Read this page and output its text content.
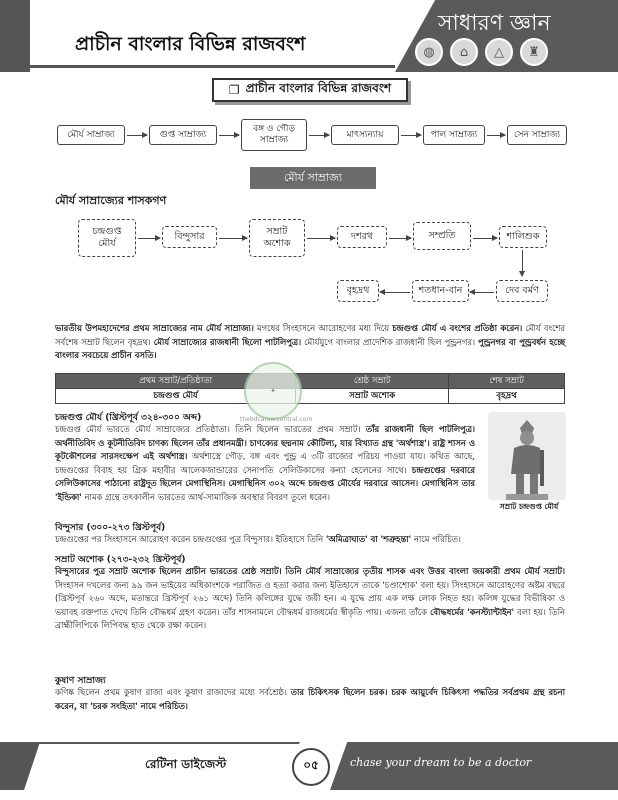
প্রাচীন বাংলার বিভিন্ন রাজবংশ
সাধারণ জ্ঞান
◍	⌂	△	♜
❐ প্রাচীন বাংলার বিভিন্ন রাজবংশ
মৌর্য সাম্রাজ্য	গুপ্ত সাম্রাজ্য
বঙ্গ ও গৌড় সাম্রাজ্য
মাৎস্যন্যায়	পাল সাম্রাজ্য	সেন সাম্রাজ্য
মৌর্য সাম্রাজ্য
মৌর্য সাম্রাজ্যের শাসকগণ
চন্দ্রগুপ্ত মৌর্য
বিন্দুসার	সম্রাট অশোক
দশরথ	সম্প্রতি	শালিশুক
দেব বর্মণ
শতধান-বান
বৃহদ্রথ
ভারতীয় উপমহাদেশের প্রথম সাম্রাজ্যের নাম মৌর্য সাম্রাজ্য। মগধের সিংহাসনে আরোহণের মধ্য দিয়ে চন্দ্রগুপ্ত মৌর্য এ বংশের প্রতিষ্ঠা করেন। মৌর্য বংশের সর্বশেষ সম্রাট ছিলেন বৃহদ্রথ। মৌর্য সাম্রাজ্যের রাজধানী ছিলো পাটলিপুত্র। মৌর্যযুগে বাংলার প্রাদেশিক রাজধানী ছিল পুন্ড্রনগর। পুন্ড্রনগর বা পুন্ড্রবর্ধন হচ্ছে বাংলার সবচেয়ে প্রাচীন বসতি।
প্রথম সম্রাট/প্রতিষ্ঠাতা	শ্রেষ্ঠ সম্রাট	শেষ সম্রাট
চন্দ্রগুপ্ত মৌর্য	সম্রাট অশোক	বৃহদ্রথ
✦
thebdcareercentral.com
চন্দ্রগুপ্ত মৌর্য (খ্রিস্টপূর্ব ৩২৪-৩০০ অব্দ)
চন্দ্রগুপ্ত মৌর্য ভারতে মৌর্য সাম্রাজ্যের প্রতিষ্ঠাতা। তিনি ছিলেন ভারতের প্রথম সম্রাট। তাঁর রাজধানী ছিল পাটলিপুত্র। অর্থনীতিবিদ ও কূটনীতিবিদ চাণক্য ছিলেন তাঁর প্রধানমন্ত্রী। চাণক্যের ছদ্মনাম কৌটিল্য, যার বিখ্যাত গ্রন্থ 'অর্থশাস্ত্র'। রাষ্ট্র শাসন ও কূটকৌশলের সারসংক্ষেপ এই অর্থশাস্ত্র। অর্থশাস্ত্রে গৌড়, বঙ্গ এবং পুন্ড্র এ ৩টি রাজ্যের পরিচয় পাওয়া যায়। কথিত আছে, চন্দ্রগুপ্তের বিবাহ হয় গ্রিক মহাবীর আলেকজান্ডারের সেনাপতি সেলিউকাসের কন্যা হেলেনের সাথে। চন্দ্রগুপ্তের দরবারে সেলিউকাসের পাঠানো রাষ্ট্রদূত ছিলেন মেগাস্থিনিস। মেগাস্থিনিস ৩০২ অব্দে চন্দ্রগুপ্ত মৌর্যের দরবারে আসেন। মেগাস্থিনিস তার 'ইন্ডিকা' নামক গ্রন্থে তৎকালীন ভারতের আর্থ-সামাজিক অবস্থার বিবরণ তুলে ধরেন।
সম্রাট চন্দ্রগুপ্ত মৌর্য
বিন্দুসার (৩০০-২৭৩ খ্রিস্টপূর্ব)
চন্দ্রগুপ্তের পর সিংহাসনে আরোহণ করেন চন্দ্রগুপ্তের পুত্র বিন্দুসার। ইতিহাসে তিনি 'অমিত্রাঘাত' বা 'শত্রুহন্তা' নামে পরিচিত।
সম্রাট অশোক (২৭৩-২৩২ খ্রিস্টপূর্ব)
বিন্দুসারের পুত্র সম্রাট অশোক ছিলেন প্রাচীন ভারতের শ্রেষ্ঠ সম্রাট। তিনি মৌর্য সাম্রাজ্যের তৃতীয় শাসক এবং উত্তর বাংলা জয়কারী প্রথম মৌর্য সম্রাট। সিংহাসন দখলের জন্য ৯৯ জন ভাইয়ের অধিকাংশকে পরাজিত ও হত্যা করার জন্য ইতিহাসে তাকে 'চণ্ডাশোক' বলা হয়। সিংহাসনে আরোহণের অষ্টম বছরে (খ্রিস্টপূর্ব ২৬০ অব্দে, মতান্তরে খ্রিস্টপূর্ব ২৬১ অব্দে) তিনি কলিঙ্গের যুদ্ধে জয়ী হন। এ যুদ্ধে প্রায় এক লক্ষ লোক নিহত হয়। কলিঙ্গ যুদ্ধের বিভীষিকা ও ভয়াবহ রক্তপাত দেখে তিনি বৌদ্ধধর্ম গ্রহণ করেন। তাঁর শাসনামলে বৌদ্ধধর্ম রাজধর্মের স্বীকৃতি পায়। এজন্য তাঁকে বৌদ্ধধর্মের 'কনস্ট্যান্টাইন' বলা হয়। তিনি ব্রাহ্মীলিপিকে লিপিবদ্ধ হাত থেকে রক্ষা করেন।
কুষাণ সাম্রাজ্য
কণিষ্ক ছিলেন প্রথম কুষাণ রাজা এবং কুষাণ রাজাদের মধ্যে সর্বশ্রেষ্ঠ। তার চিকিৎসক ছিলেন চরক। চরক আয়ুর্বেদ চিকিৎসা পদ্ধতির সর্বপ্রথম গ্রন্থ রচনা করেন, যা 'চরক সংহিতা' নামে পরিচিত।
রেটিনা ডাইজেস্ট	০৫	chase your dream to be a doctor
